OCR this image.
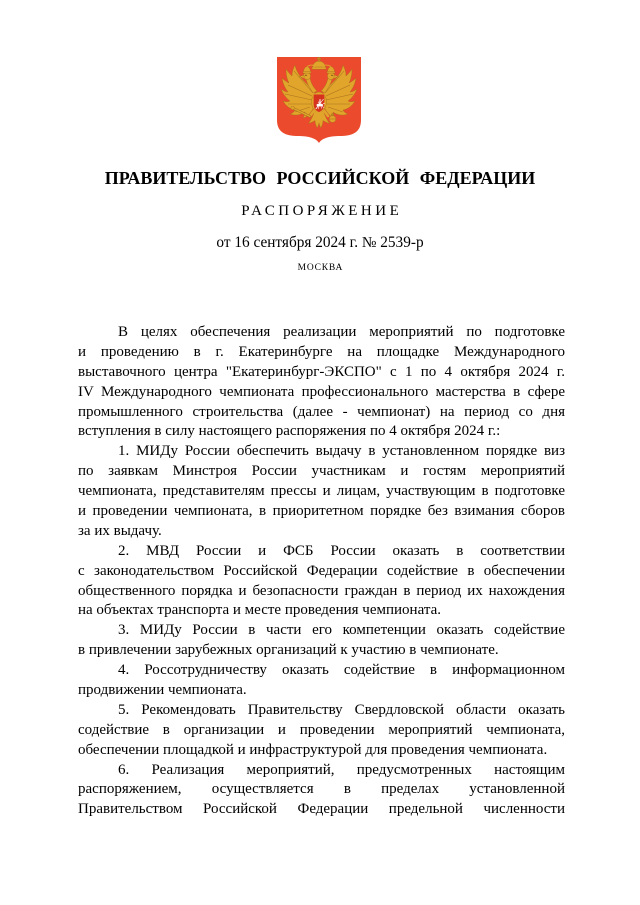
ПРАВИТЕЛЬСТВО РОССИЙСКОЙ ФЕДЕРАЦИИ
РАСПОРЯЖЕНИЕ
от 16 сентября 2024 г. № 2539-р
МОСКВА
В целях обеспечения реализации мероприятий по подготовке
и проведению в г. Екатеринбурге на площадке Международного
выставочного центра "Екатеринбург-ЭКСПО" с 1 по 4 октября 2024 г.
IV Международного чемпионата профессионального мастерства в сфере
промышленного строительства (далее - чемпионат) на период со дня
вступления в силу настоящего распоряжения по 4 октября 2024 г.:
1. МИДу России обеспечить выдачу в установленном порядке виз
по заявкам Минстроя России участникам и гостям мероприятий
чемпионата, представителям прессы и лицам, участвующим в подготовке
и проведении чемпионата, в приоритетном порядке без взимания сборов
за их выдачу.
2. МВД России и ФСБ России оказать в соответствии
с законодательством Российской Федерации содействие в обеспечении
общественного порядка и безопасности граждан в период их нахождения
на объектах транспорта и месте проведения чемпионата.
3. МИДу России в части его компетенции оказать содействие
в привлечении зарубежных организаций к участию в чемпионате.
4. Россотрудничеству оказать содействие в информационном
продвижении чемпионата.
5. Рекомендовать Правительству Свердловской области оказать
содействие в организации и проведении мероприятий чемпионата,
обеспечении площадкой и инфраструктурой для проведения чемпионата.
6. Реализация мероприятий, предусмотренных настоящим
распоряжением, осуществляется в пределах установленной
Правительством Российской Федерации предельной численности
